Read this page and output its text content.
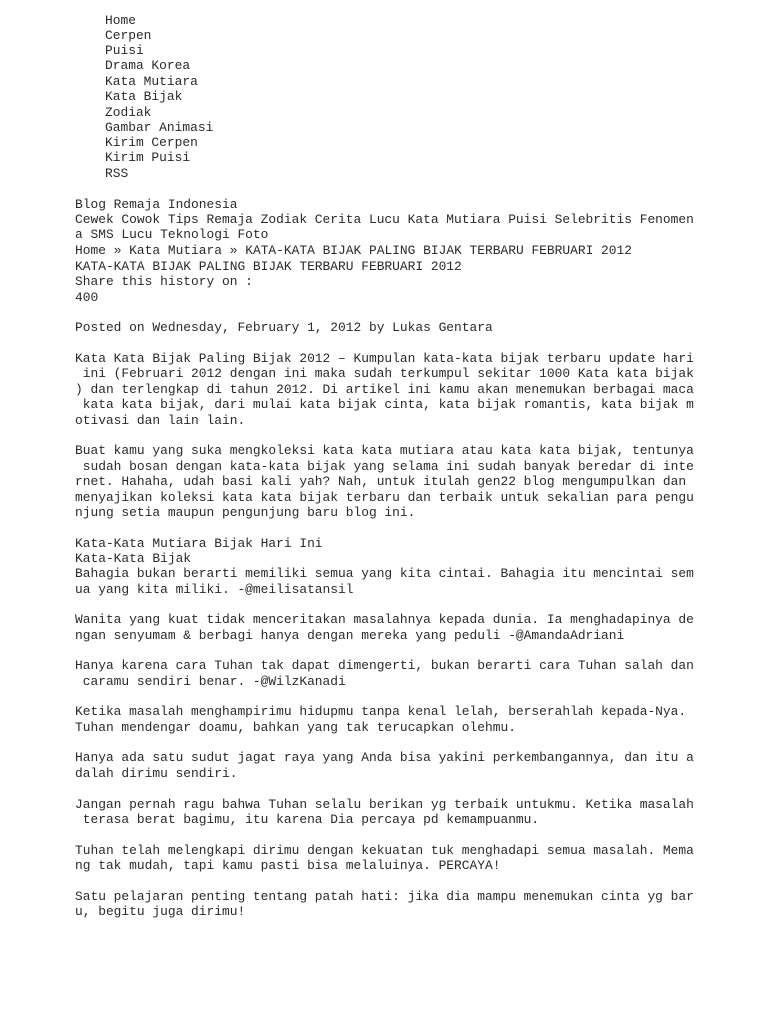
Home
Cerpen
Puisi
Drama Korea
Kata Mutiara
Kata Bijak
Zodiak
Gambar Animasi
Kirim Cerpen
Kirim Puisi
RSS
Blog Remaja Indonesia
Cewek Cowok Tips Remaja Zodiak Cerita Lucu Kata Mutiara Puisi Selebritis Fenomen
a SMS Lucu Teknologi Foto
Home » Kata Mutiara » KATA-KATA BIJAK PALING BIJAK TERBARU FEBRUARI 2012
KATA-KATA BIJAK PALING BIJAK TERBARU FEBRUARI 2012
Share this history on :
400
Posted on Wednesday, February 1, 2012 by Lukas Gentara
Kata Kata Bijak Paling Bijak 2012 – Kumpulan kata-kata bijak terbaru update hari
ini (Februari 2012 dengan ini maka sudah terkumpul sekitar 1000 Kata kata bijak
) dan terlengkap di tahun 2012. Di artikel ini kamu akan menemukan berbagai maca
kata kata bijak, dari mulai kata bijak cinta, kata bijak romantis, kata bijak m
otivasi dan lain lain.
Buat kamu yang suka mengkoleksi kata kata mutiara atau kata kata bijak, tentunya
sudah bosan dengan kata-kata bijak yang selama ini sudah banyak beredar di inte
rnet. Hahaha, udah basi kali yah? Nah, untuk itulah gen22 blog mengumpulkan dan
menyajikan koleksi kata kata bijak terbaru dan terbaik untuk sekalian para pengu
njung setia maupun pengunjung baru blog ini.
Kata-Kata Mutiara Bijak Hari Ini
Kata-Kata Bijak
Bahagia bukan berarti memiliki semua yang kita cintai. Bahagia itu mencintai sem
ua yang kita miliki. -@meilisatansil
Wanita yang kuat tidak menceritakan masalahnya kepada dunia. Ia menghadapinya de
ngan senyumam & berbagi hanya dengan mereka yang peduli -@AmandaAdriani
Hanya karena cara Tuhan tak dapat dimengerti, bukan berarti cara Tuhan salah dan
caramu sendiri benar. -@WilzKanadi
Ketika masalah menghampirimu hidupmu tanpa kenal lelah, berserahlah kepada-Nya.
Tuhan mendengar doamu, bahkan yang tak terucapkan olehmu.
Hanya ada satu sudut jagat raya yang Anda bisa yakini perkembangannya, dan itu a
dalah dirimu sendiri.
Jangan pernah ragu bahwa Tuhan selalu berikan yg terbaik untukmu. Ketika masalah
terasa berat bagimu, itu karena Dia percaya pd kemampuanmu.
Tuhan telah melengkapi dirimu dengan kekuatan tuk menghadapi semua masalah. Mema
ng tak mudah, tapi kamu pasti bisa melaluinya. PERCAYA!
Satu pelajaran penting tentang patah hati: jika dia mampu menemukan cinta yg bar
u, begitu juga dirimu!
